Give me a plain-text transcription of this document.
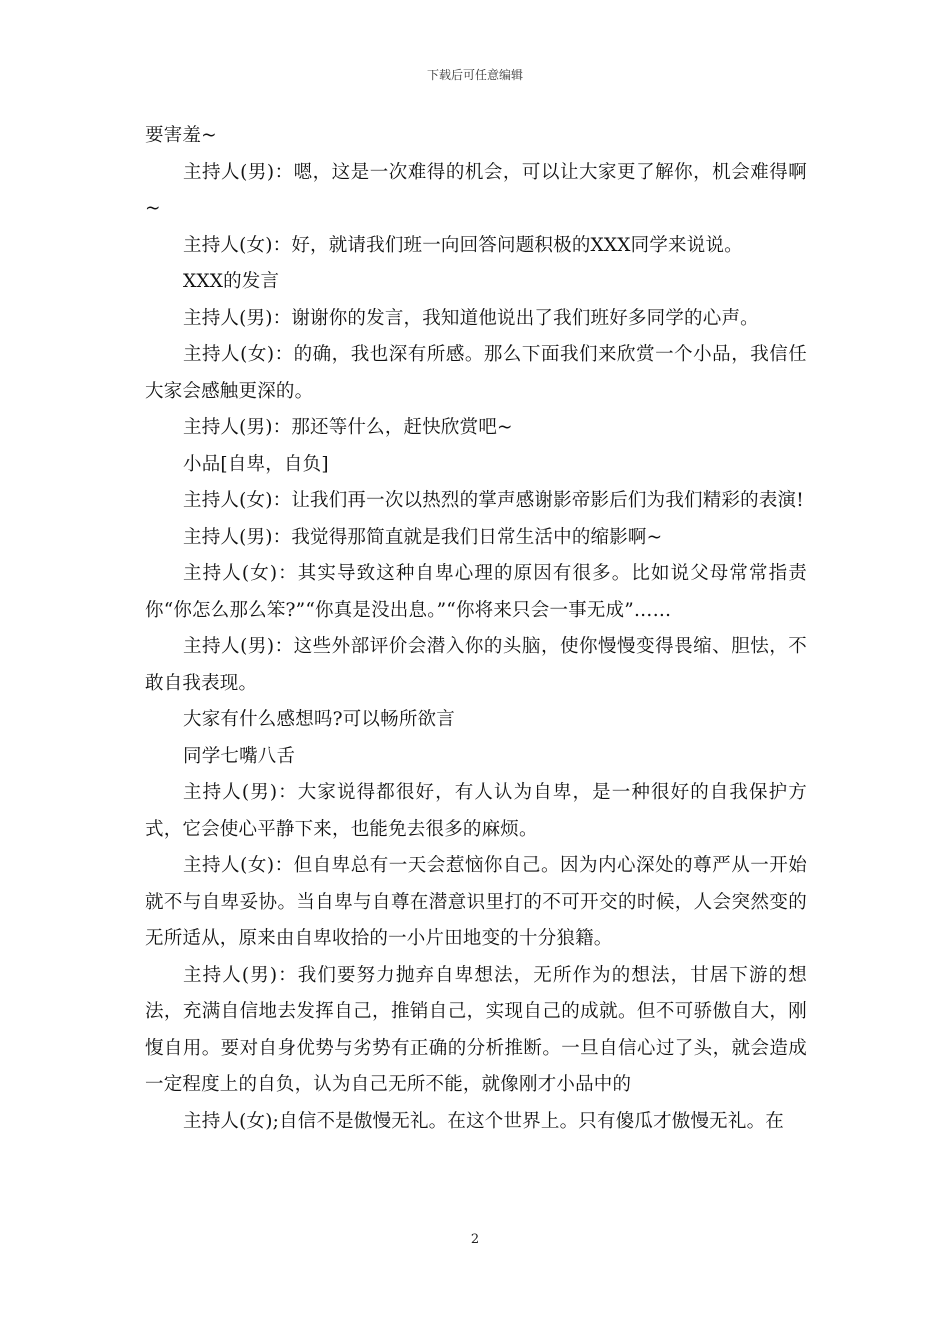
下载后可任意编辑

要害羞~

主持人(男)：嗯，这是一次难得的机会，可以让大家更了解你，机会难得啊~

主持人(女)：好，就请我们班一向回答问题积极的XXX同学来说说。

XXX的发言

主持人(男)：谢谢你的发言，我知道他说出了我们班好多同学的心声。

主持人(女)：的确，我也深有所感。那么下面我们来欣赏一个小品，我信任大家会感触更深的。

主持人(男)：那还等什么，赶快欣赏吧~

小品[自卑，自负]

主持人(女)：让我们再一次以热烈的掌声感谢影帝影后们为我们精彩的表演!

主持人(男)：我觉得那简直就是我们日常生活中的缩影啊~

主持人(女)：其实导致这种自卑心理的原因有很多。比如说父母常常指责你“你怎么那么笨?”“你真是没出息。”“你将来只会一事无成”……

主持人(男)：这些外部评价会潜入你的头脑，使你慢慢变得畏缩、胆怯，不敢自我表现。

大家有什么感想吗?可以畅所欲言

同学七嘴八舌

主持人(男)：大家说得都很好，有人认为自卑，是一种很好的自我保护方式，它会使心平静下来，也能免去很多的麻烦。

主持人(女)：但自卑总有一天会惹恼你自己。因为内心深处的尊严从一开始就不与自卑妥协。当自卑与自尊在潜意识里打的不可开交的时候，人会突然变的无所适从，原来由自卑收拾的一小片田地变的十分狼籍。

主持人(男)：我们要努力抛弃自卑想法，无所作为的想法，甘居下游的想法，充满自信地去发挥自己，推销自己，实现自己的成就。但不可骄傲自大，刚愎自用。要对自身优势与劣势有正确的分析推断。一旦自信心过了头，就会造成一定程度上的自负，认为自己无所不能，就像刚才小品中的

主持人(女);自信不是傲慢无礼。在这个世界上。只有傻瓜才傲慢无礼。在

2
